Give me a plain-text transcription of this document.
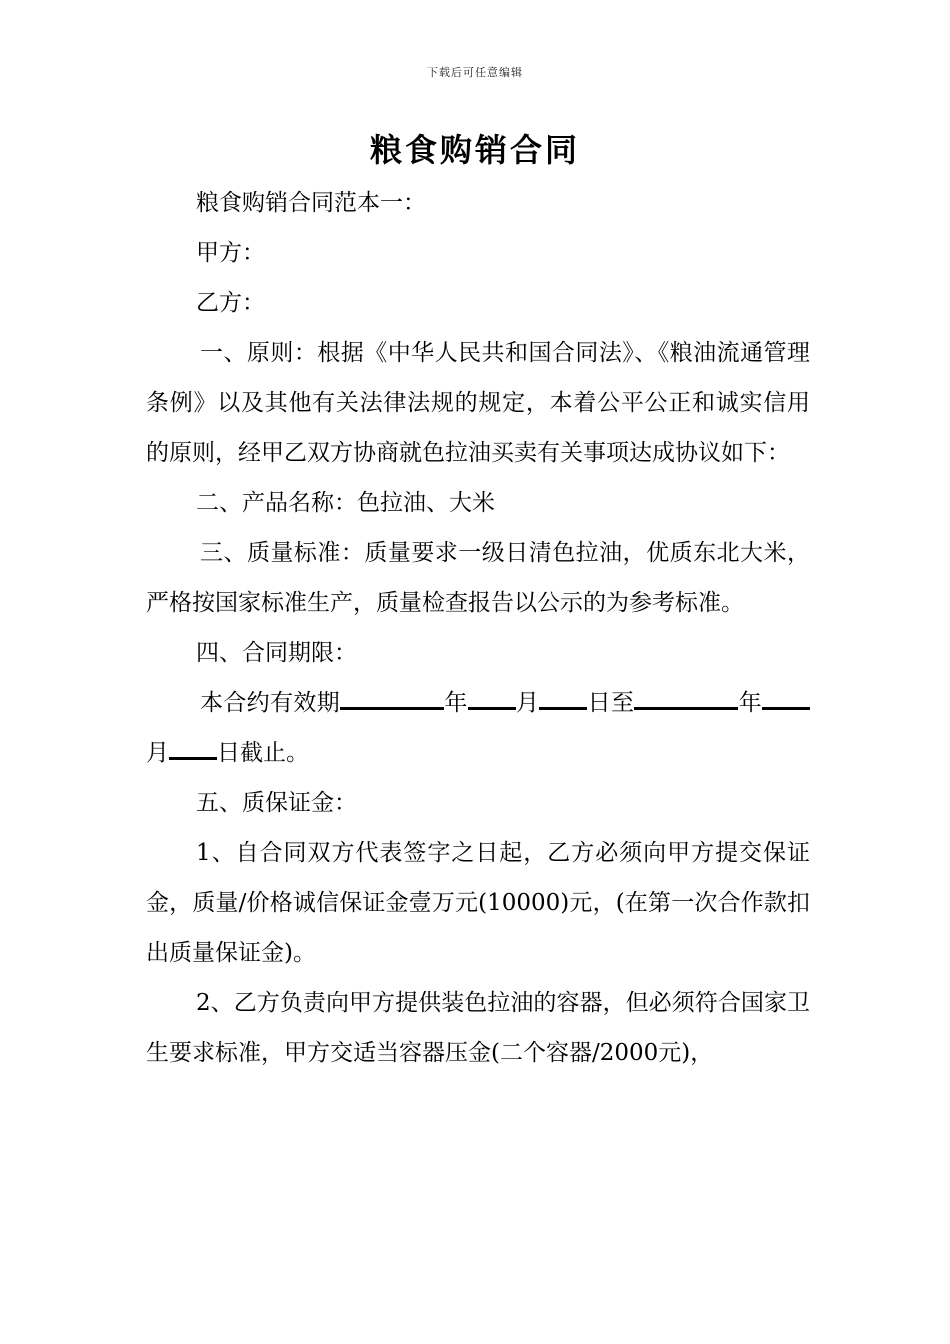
下载后可任意编辑
粮食购销合同

粮食购销合同范本一：

甲方：

乙方：

一、原则：根据《中华人民共和国合同法》、《粮油流通管理条例》以及其他有关法律法规的规定，本着公平公正和诚实信用的原则，经甲乙双方协商就色拉油买卖有关事项达成协议如下：

二、产品名称：色拉油、大米

三、质量标准：质量要求一级日清色拉油，优质东北大米，严格按国家标准生产，质量检查报告以公示的为参考标准。

四、合同期限：

本合约有效期	年 月 日至	年月 日截止。

五、质保证金：

1、自合同双方代表签字之日起，乙方必须向甲方提交保证金，质量/价格诚信保证金壹万元(10000)元，(在第一次合作款扣出质量保证金)。

2、乙方负责向甲方提供装色拉油的容器，但必须符合国家卫生要求标准，甲方交适当容器压金(二个容器/2000元)，
